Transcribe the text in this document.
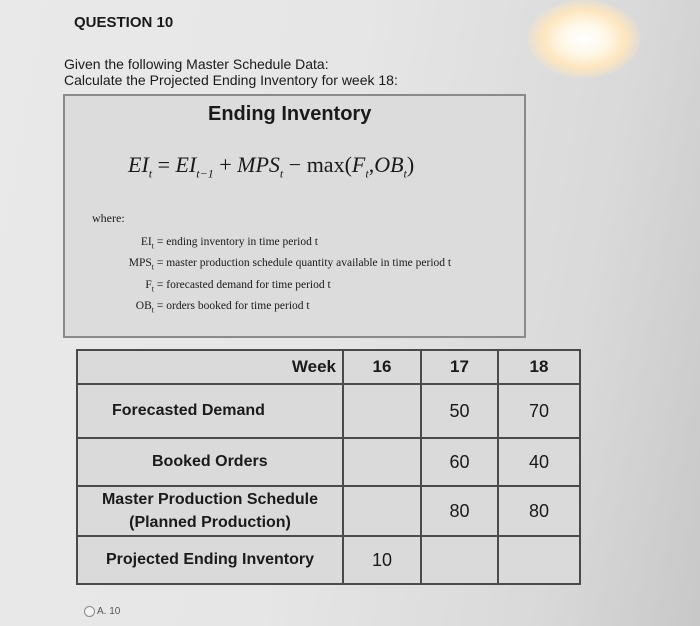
QUESTION 10
Given the following Master Schedule Data:
Calculate the Projected Ending Inventory for week 18:
Ending Inventory
$EI_t = EI_{t-1} + MPS_t - \max(F_t,OB_t)$
where:
$EI_t$ = ending inventory in time period t
$MPS_t$ = master production schedule quantity available in time period t
$F_t$ = forecasted demand for time period t
$OB_t$ = orders booked for time period t
Week	16	17	18
Forecasted Demand		50	70
Booked Orders		60	40

Master Production Schedule
(Planned Production)		80	80
Projected Ending Inventory	10		
A. 10
